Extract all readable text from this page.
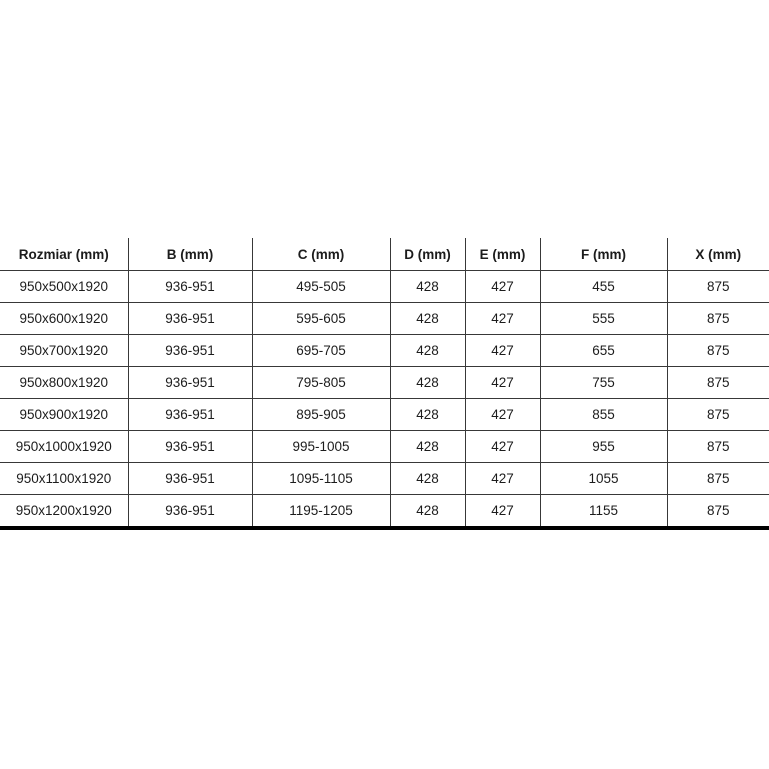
Rozmiar (mm)	B (mm)	C (mm)	D (mm)	E (mm)	F (mm)	X (mm)
950x500x1920	936-951	495-505	428	427	455	875
950x600x1920	936-951	595-605	428	427	555	875
950x700x1920	936-951	695-705	428	427	655	875
950x800x1920	936-951	795-805	428	427	755	875
950x900x1920	936-951	895-905	428	427	855	875
950x1000x1920	936-951	995-1005	428	427	955	875
950x1100x1920	936-951	1095-1105	428	427	1055	875
950x1200x1920	936-951	1195-1205	428	427	1155	875
